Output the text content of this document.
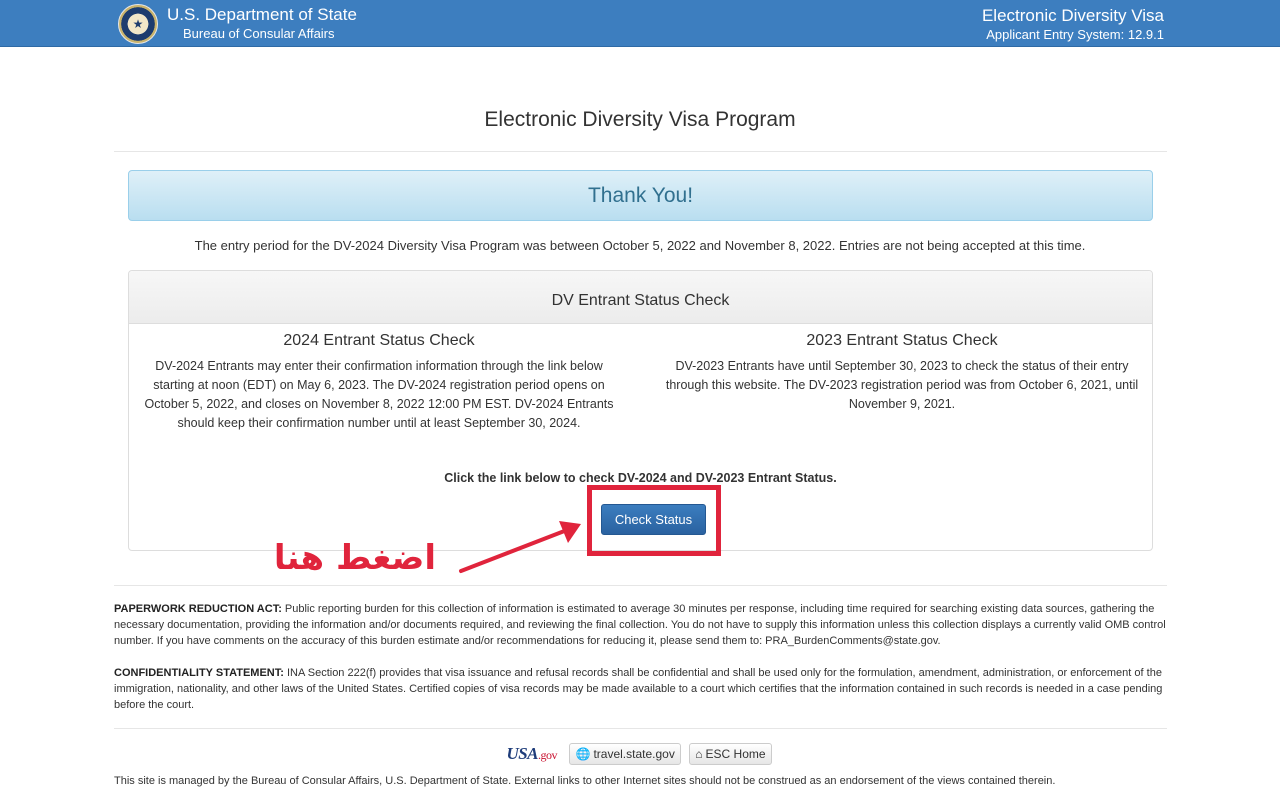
★
U.S. Department of State
Bureau of Consular Affairs
Electronic Diversity Visa
Applicant Entry System: 12.9.1
Electronic Diversity Visa Program
Thank You!
The entry period for the DV-2024 Diversity Visa Program was between October 5, 2022 and November 8, 2022. Entries are not being accepted at this time.
DV Entrant Status Check
2024 Entrant Status Check

DV-2024 Entrants may enter their confirmation information through the link below starting at noon (EDT) on May 6, 2023. The DV-2024 registration period opens on October 5, 2022, and closes on November 8, 2022 12:00 PM EST. DV-2024 Entrants should keep their confirmation number until at least September 30, 2024.

2023 Entrant Status Check

DV-2023 Entrants have until September 30, 2023 to check the status of their entry through this website. The DV-2023 registration period was from October 6, 2021, until November 9, 2021.

Click the link below to check DV-2024 and DV-2023 Entrant Status.
Check Status
اضغط هنا
PAPERWORK REDUCTION ACT: Public reporting burden for this collection of information is estimated to average 30 minutes per response, including time required for searching existing data sources, gathering the necessary documentation, providing the information and/or documents required, and reviewing the final collection. You do not have to supply this information unless this collection displays a currently valid OMB control number. If you have comments on the accuracy of this burden estimate and/or recommendations for reducing it, please send them to: PRA_BurdenComments@state.gov.
CONFIDENTIALITY STATEMENT: INA Section 222(f) provides that visa issuance and refusal records shall be confidential and shall be used only for the formulation, amendment, administration, or enforcement of the immigration, nationality, and other laws of the United States. Certified copies of visa records may be made available to a court which certifies that the information contained in such records is needed in a case pending before the court.
USA.gov 🌐 travel.state.gov ⌂ ESC Home
This site is managed by the Bureau of Consular Affairs, U.S. Department of State. External links to other Internet sites should not be construed as an endorsement of the views contained therein.
